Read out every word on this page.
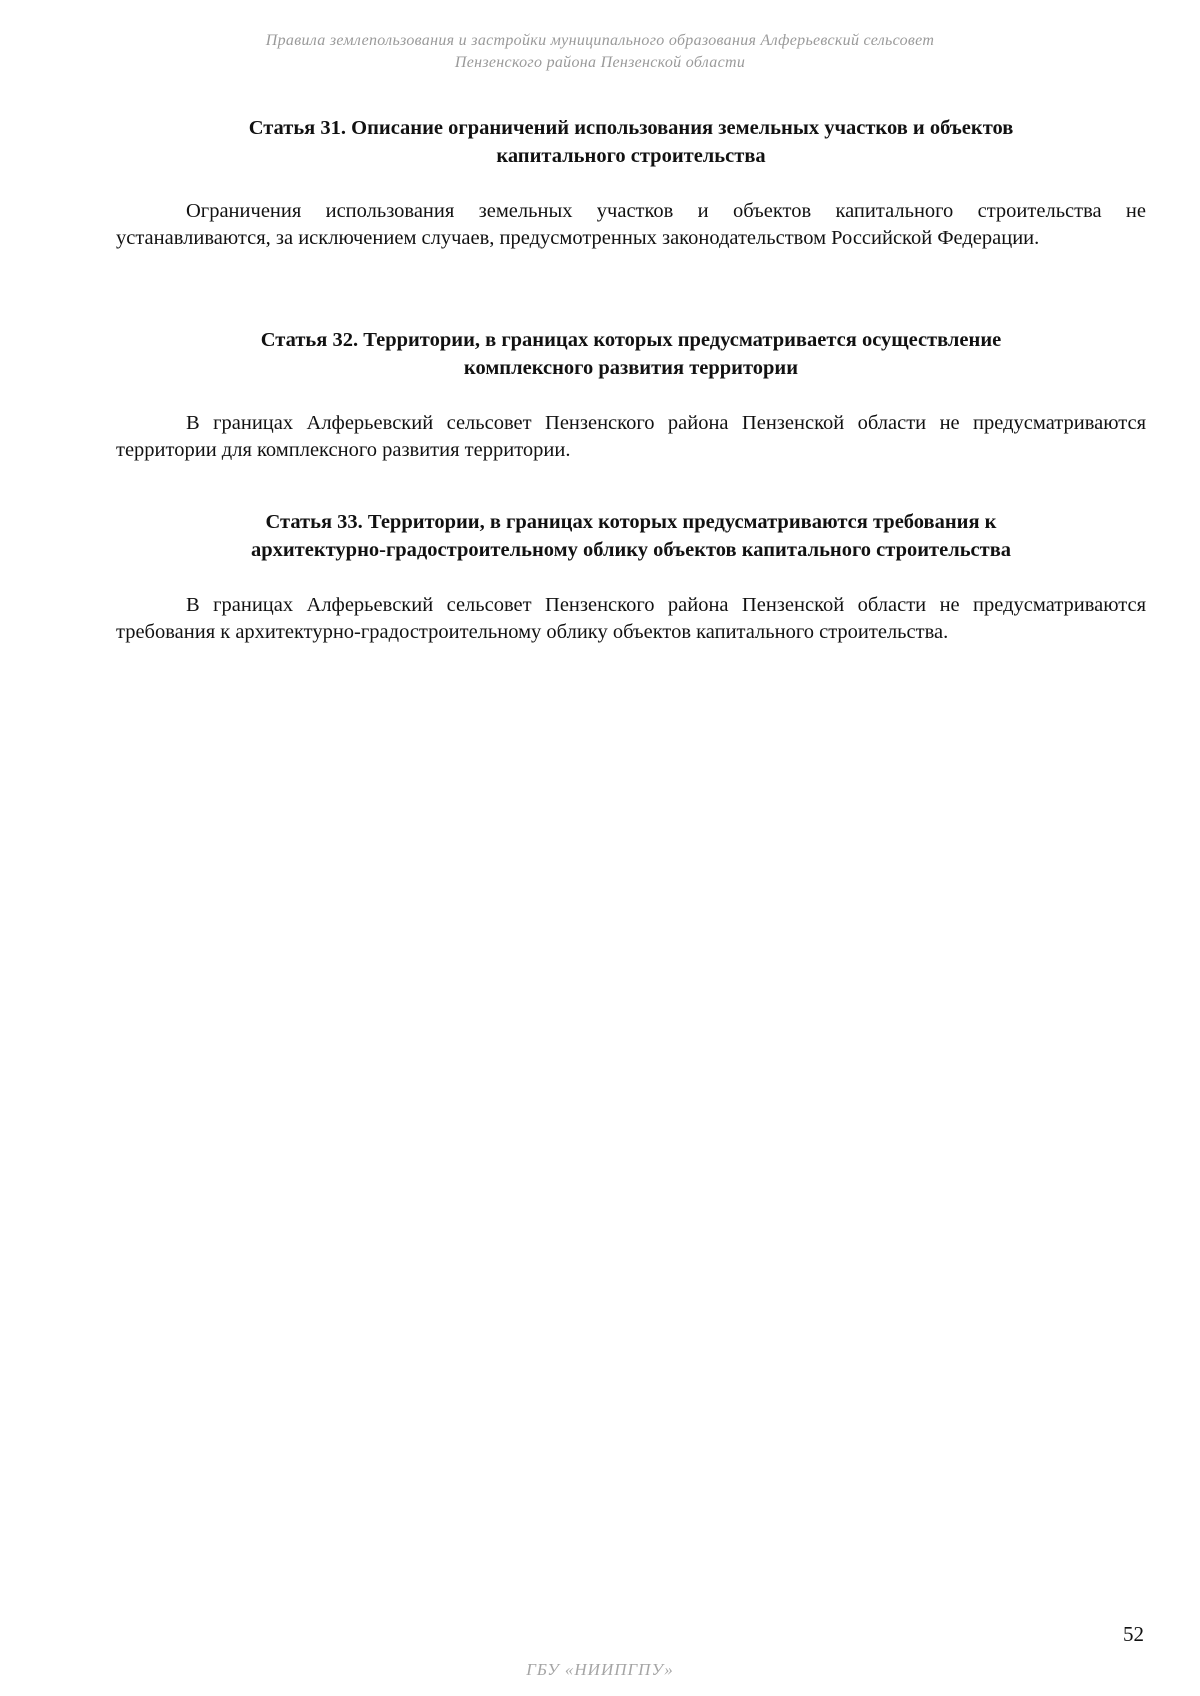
Правила землепользования и застройки муниципального образования Алферьевский сельсовет
Пензенского района Пензенской области
Статья 31. Описание ограничений использования земельных участков и объектов
капитального строительства

Ограничения использования земельных участков и объектов капитального строительства не устанавливаются, за исключением случаев, предусмотренных законодательством Российской Федерации.

Статья 32. Территории, в границах которых предусматривается осуществление
комплексного развития территории

В границах Алферьевский сельсовет Пензенского района Пензенской области не предусматриваются территории для комплексного развития территории.

Статья 33. Территории, в границах которых предусматриваются требования к
архитектурно-градостроительному облику объектов капитального строительства

В границах Алферьевский сельсовет Пензенского района Пензенской области не предусматриваются требования к архитектурно-градостроительному облику объектов капитального строительства.

52
ГБУ «НИИПГПУ»
